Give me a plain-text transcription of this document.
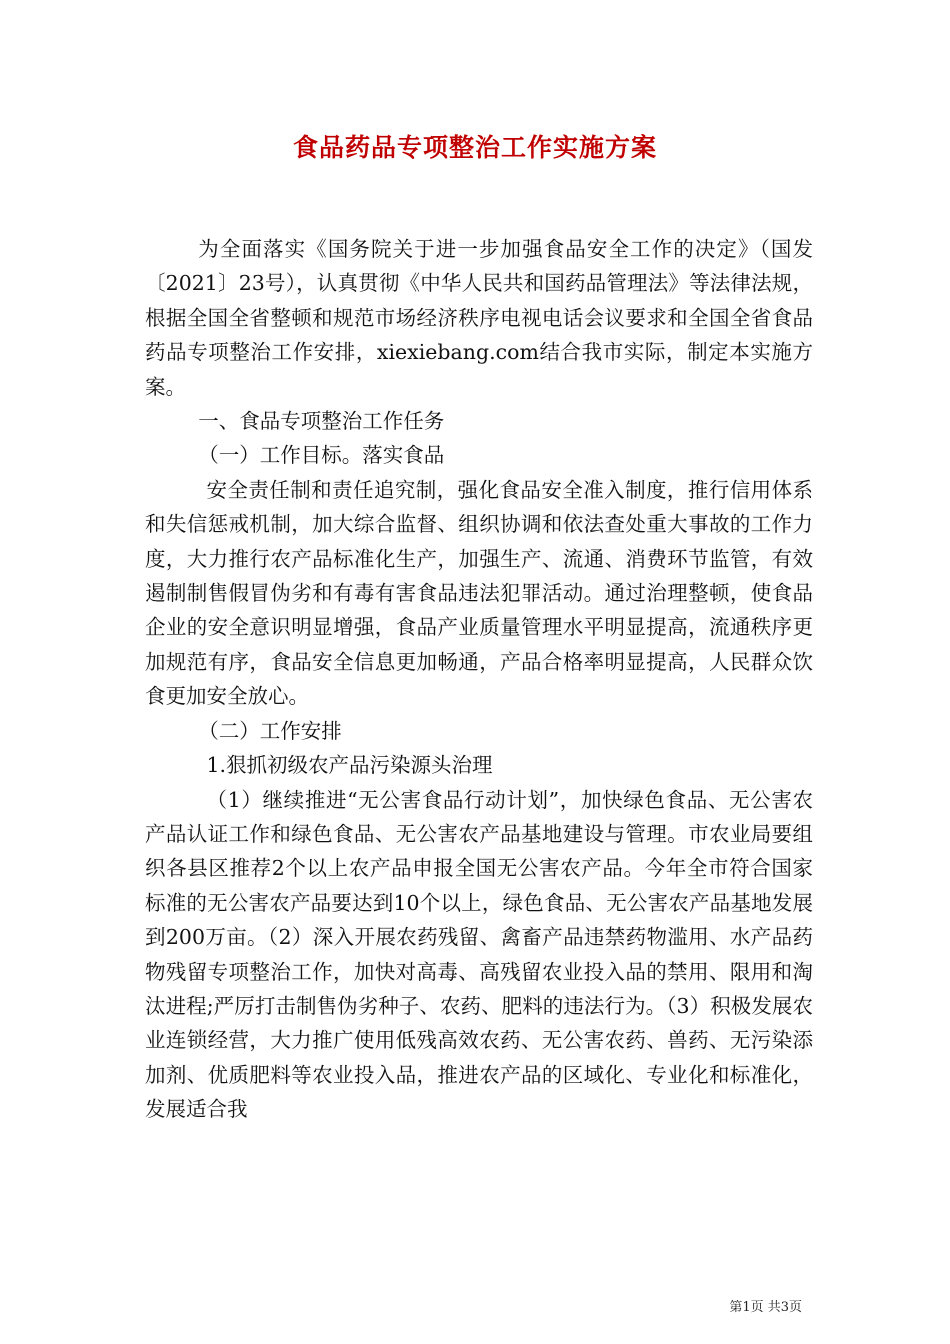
食品药品专项整治工作实施方案

为全面落实《国务院关于进一步加强食品安全工作的决定》（国发〔2021〕23号），认真贯彻《中华人民共和国药品管理法》等法律法规，根据全国全省整顿和规范市场经济秩序电视电话会议要求和全国全省食品药品专项整治工作安排，xiexiebang.com结合我市实际，制定本实施方案。

一、食品专项整治工作任务

（一）工作目标。落实食品

安全责任制和责任追究制，强化食品安全准入制度，推行信用体系和失信惩戒机制，加大综合监督、组织协调和依法查处重大事故的工作力度，大力推行农产品标准化生产，加强生产、流通、消费环节监管，有效遏制制售假冒伪劣和有毒有害食品违法犯罪活动。通过治理整顿，使食品企业的安全意识明显增强，食品产业质量管理水平明显提高，流通秩序更加规范有序，食品安全信息更加畅通，产品合格率明显提高，人民群众饮食更加安全放心。

（二）工作安排

1.狠抓初级农产品污染源头治理

（1）继续推进“无公害食品行动计划”，加快绿色食品、无公害农产品认证工作和绿色食品、无公害农产品基地建设与管理。市农业局要组织各县区推荐2个以上农产品申报全国无公害农产品。今年全市符合国家标准的无公害农产品要达到10个以上，绿色食品、无公害农产品基地发展到200万亩。（2）深入开展农药残留、禽畜产品违禁药物滥用、水产品药物残留专项整治工作，加快对高毒、高残留农业投入品的禁用、限用和淘汰进程;严厉打击制售伪劣种子、农药、肥料的违法行为。（3）积极发展农业连锁经营，大力推广使用低残高效农药、无公害农药、兽药、无污染添加剂、优质肥料等农业投入品，推进农产品的区域化、专业化和标准化，发展适合我

第1页 共3页
